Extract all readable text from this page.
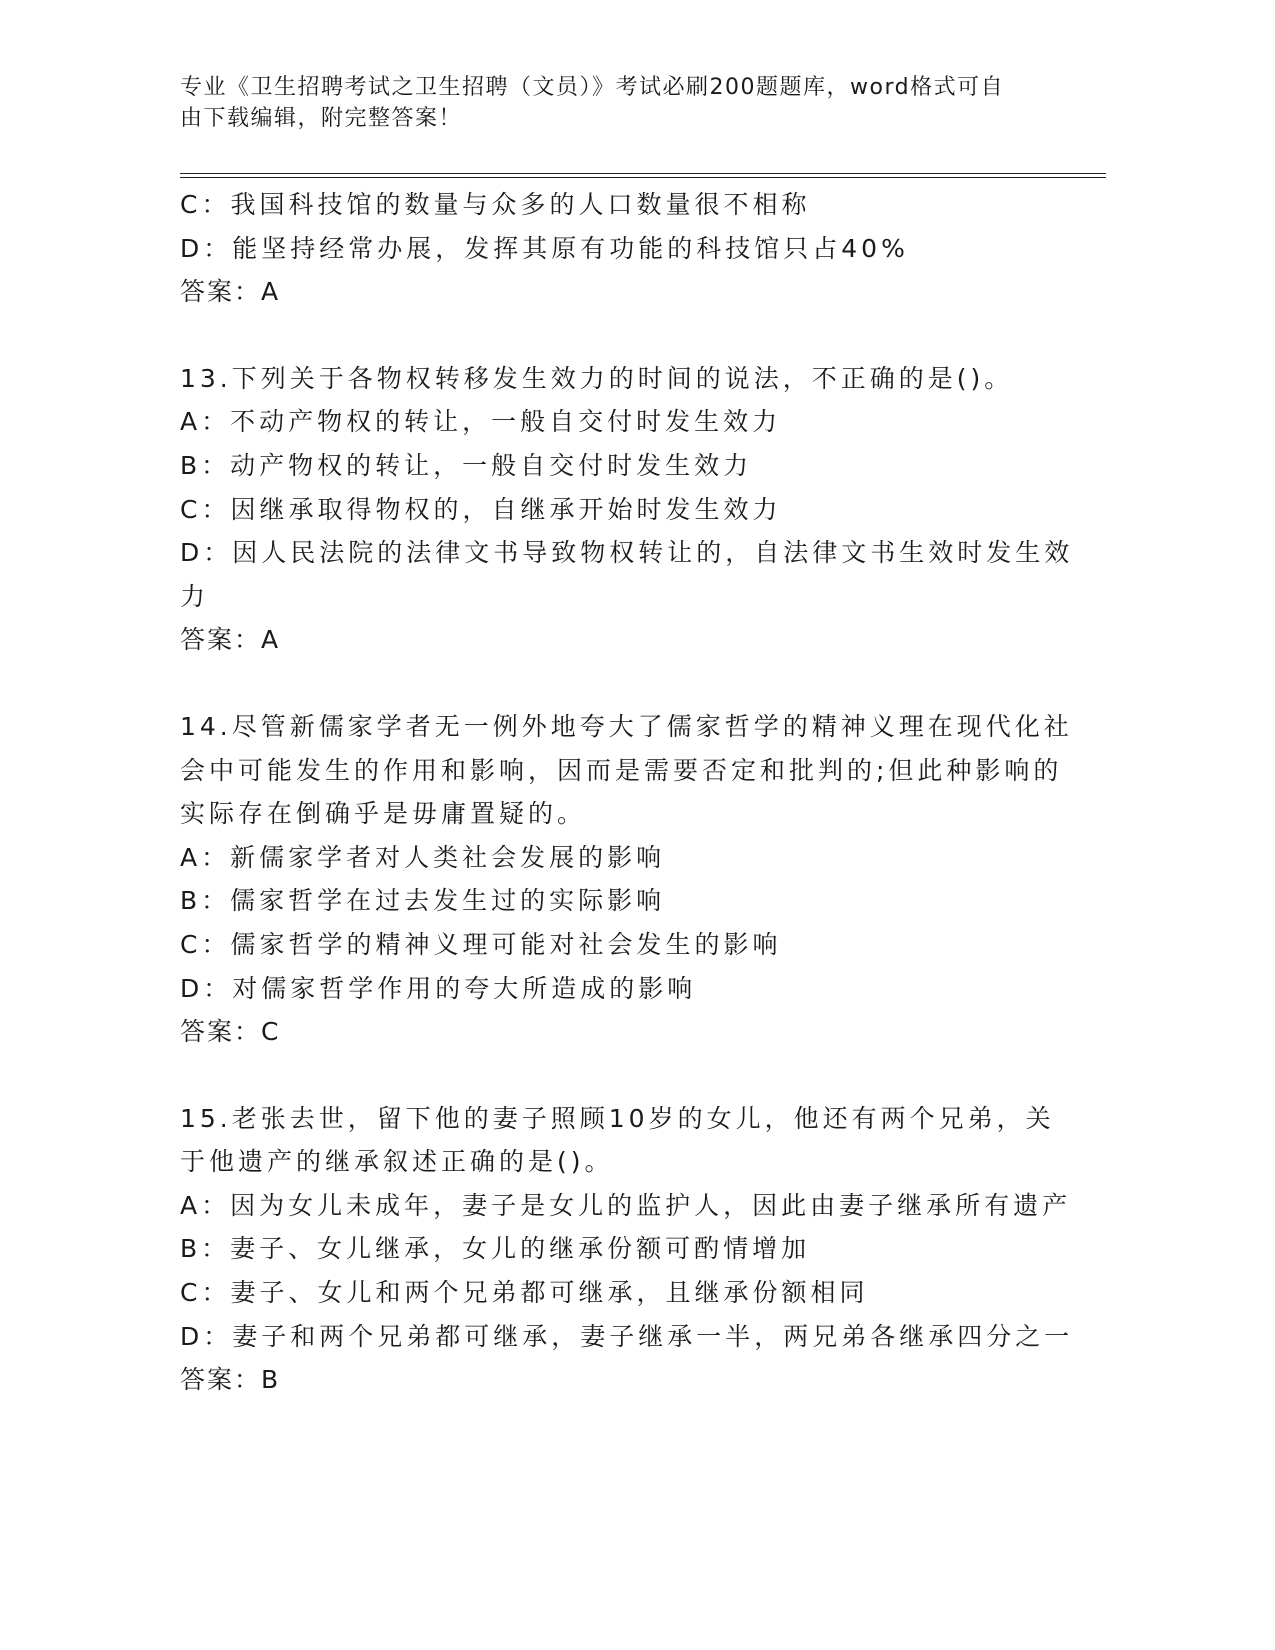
专业《卫生招聘考试之卫生招聘（文员）》考试必刷200题题库，word格式可自
由下载编辑，附完整答案！
C：我国科技馆的数量与众多的人口数量很不相称
D：能坚持经常办展，发挥其原有功能的科技馆只占40%
答案：A
13.下列关于各物权转移发生效力的时间的说法，不正确的是()。
A：不动产物权的转让，一般自交付时发生效力
B：动产物权的转让，一般自交付时发生效力
C：因继承取得物权的，自继承开始时发生效力
D：因人民法院的法律文书导致物权转让的，自法律文书生效时发生效
力
答案：A
14.尽管新儒家学者无一例外地夸大了儒家哲学的精神义理在现代化社
会中可能发生的作用和影响，因而是需要否定和批判的;但此种影响的
实际存在倒确乎是毋庸置疑的。
A：新儒家学者对人类社会发展的影响
B：儒家哲学在过去发生过的实际影响
C：儒家哲学的精神义理可能对社会发生的影响
D：对儒家哲学作用的夸大所造成的影响
答案：C
15.老张去世，留下他的妻子照顾10岁的女儿，他还有两个兄弟，关
于他遗产的继承叙述正确的是()。
A：因为女儿未成年，妻子是女儿的监护人，因此由妻子继承所有遗产
B：妻子、女儿继承，女儿的继承份额可酌情增加
C：妻子、女儿和两个兄弟都可继承，且继承份额相同
D：妻子和两个兄弟都可继承，妻子继承一半，两兄弟各继承四分之一
答案：B
